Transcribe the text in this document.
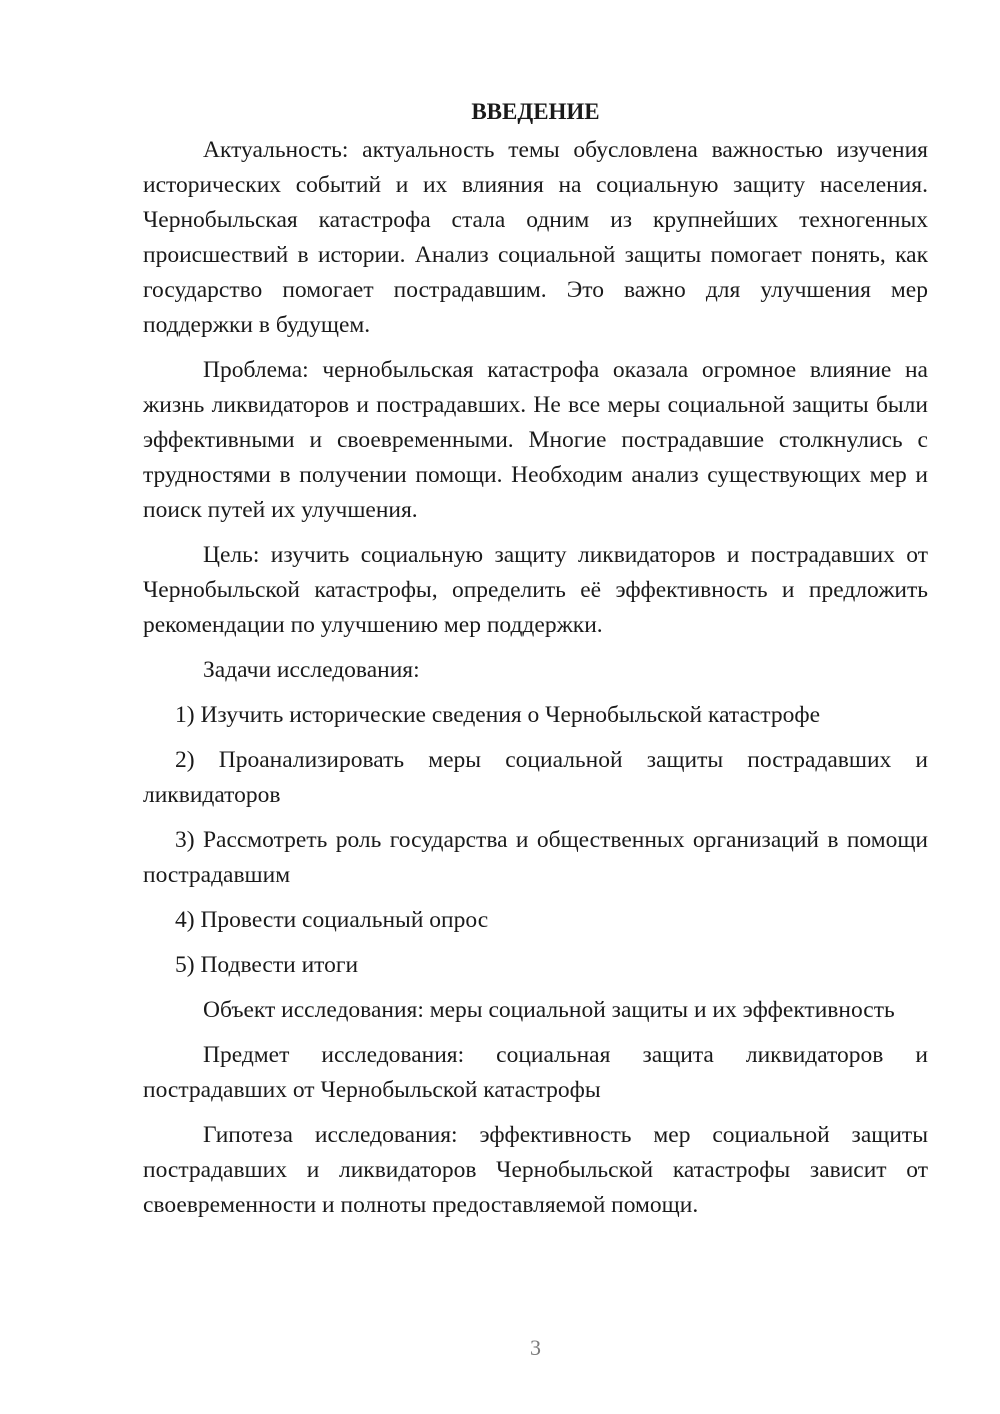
ВВЕДЕНИЕ

Актуальность: актуальность темы обусловлена важностью изучения исторических событий и их влияния на социальную защиту населения. Чернобыльская катастрофа стала одним из крупнейших техногенных происшествий в истории. Анализ социальной защиты помогает понять, как государство помогает пострадавшим. Это важно для улучшения мер поддержки в будущем.

Проблема: чернобыльская катастрофа оказала огромное влияние на жизнь ликвидаторов и пострадавших. Не все меры социальной защиты были эффективными и своевременными. Многие пострадавшие столкнулись с трудностями в получении помощи. Необходим анализ существующих мер и поиск путей их улучшения.

Цель: изучить социальную защиту ликвидаторов и пострадавших от Чернобыльской катастрофы, определить её эффективность и предложить рекомендации по улучшению мер поддержки.

Задачи исследования:

1) Изучить исторические сведения о Чернобыльской катастрофе

2) Проанализировать меры социальной защиты пострадавших и ликвидаторов

3) Рассмотреть роль государства и общественных организаций в помощи пострадавшим

4) Провести социальный опрос

5) Подвести итоги

Объект исследования: меры социальной защиты и их эффективность

Предмет исследования: социальная защита ликвидаторов и пострадавших от Чернобыльской катастрофы

Гипотеза исследования: эффективность мер социальной защиты пострадавших и ликвидаторов Чернобыльской катастрофы зависит от своевременности и полноты предоставляемой помощи.

3
